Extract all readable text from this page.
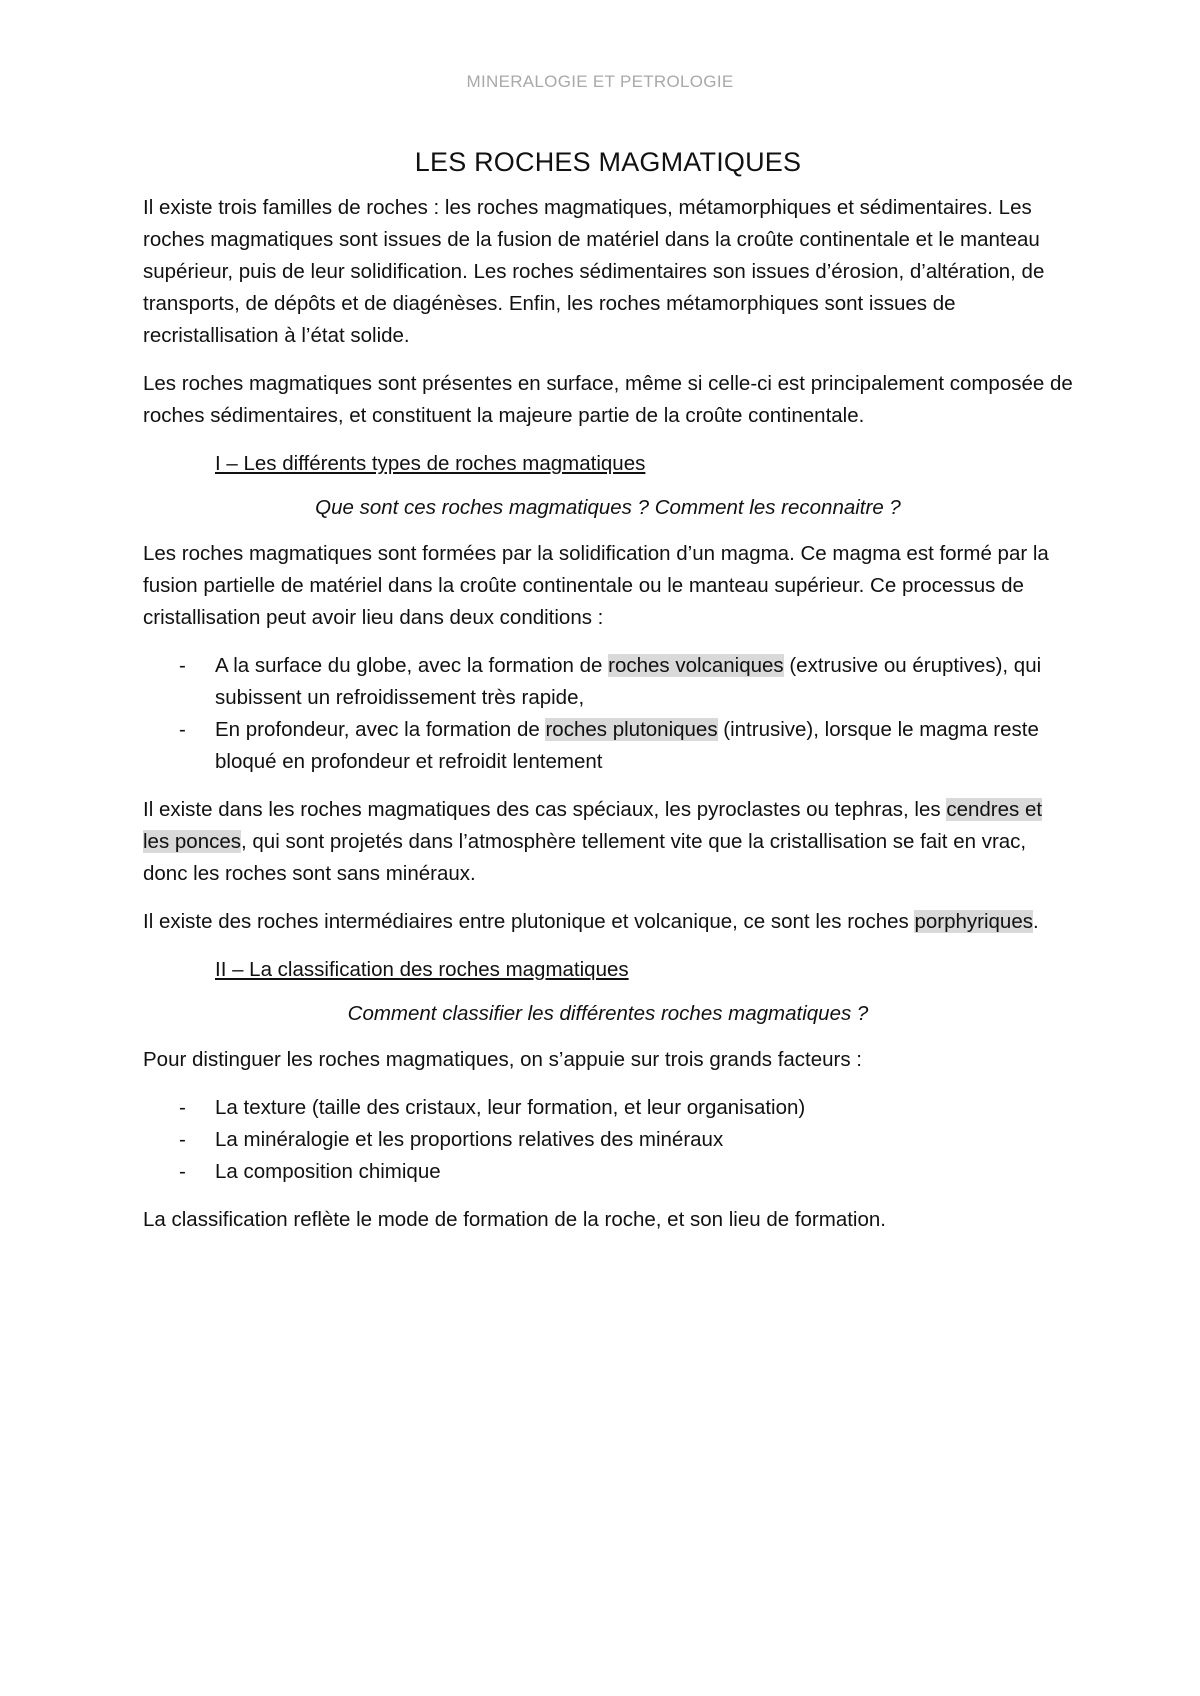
MINERALOGIE ET PETROLOGIE
LES ROCHES MAGMATIQUES

Il existe trois familles de roches : les roches magmatiques, métamorphiques et sédimentaires. Les roches magmatiques sont issues de la fusion de matériel dans la croûte continentale et le manteau supérieur, puis de leur solidification. Les roches sédimentaires son issues d’érosion, d’altération, de transports, de dépôts et de diagénèses. Enfin, les roches métamorphiques sont issues de recristallisation à l’état solide.

Les roches magmatiques sont présentes en surface, même si celle-ci est principalement composée de roches sédimentaires, et constituent la majeure partie de la croûte continentale.

I – Les différents types de roches magmatiques

Que sont ces roches magmatiques ? Comment les reconnaitre ?

Les roches magmatiques sont formées par la solidification d’un magma. Ce magma est formé par la fusion partielle de matériel dans la croûte continentale ou le manteau supérieur. Ce processus de cristallisation peut avoir lieu dans deux conditions :

- A la surface du globe, avec la formation de roches volcaniques (extrusive ou éruptives), qui subissent un refroidissement très rapide,
- En profondeur, avec la formation de roches plutoniques (intrusive), lorsque le magma reste bloqué en profondeur et refroidit lentement

Il existe dans les roches magmatiques des cas spéciaux, les pyroclastes ou tephras, les cendres et les ponces, qui sont projetés dans l’atmosphère tellement vite que la cristallisation se fait en vrac, donc les roches sont sans minéraux.

Il existe des roches intermédiaires entre plutonique et volcanique, ce sont les roches porphyriques.

II – La classification des roches magmatiques

Comment classifier les différentes roches magmatiques ?

Pour distinguer les roches magmatiques, on s’appuie sur trois grands facteurs :

- La texture (taille des cristaux, leur formation, et leur organisation)
- La minéralogie et les proportions relatives des minéraux
- La composition chimique

La classification reflète le mode de formation de la roche, et son lieu de formation.
